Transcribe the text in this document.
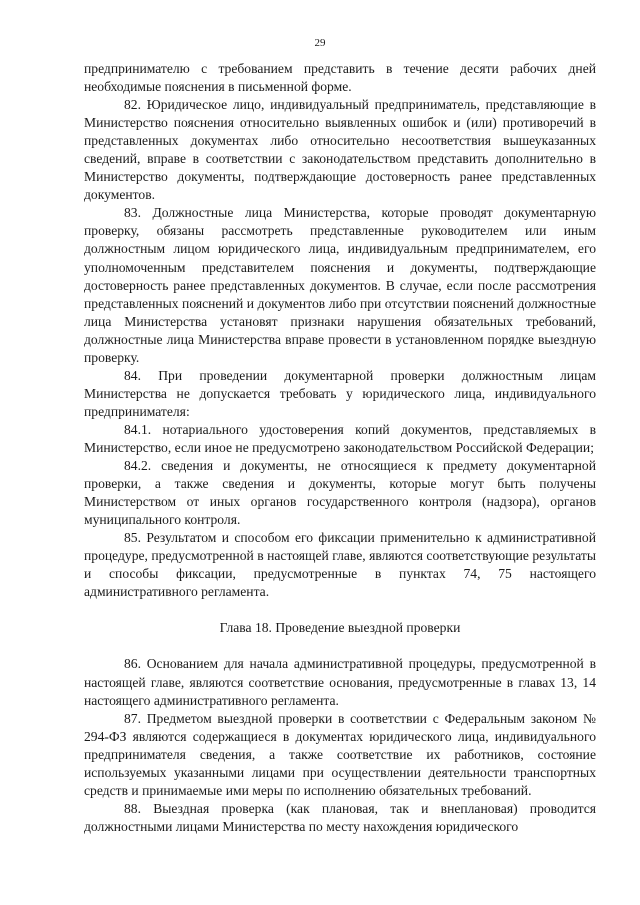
29

предпринимателю с требованием представить в течение десяти рабочих дней необходимые пояснения в письменной форме.

82. Юридическое лицо, индивидуальный предприниматель, представляющие в Министерство пояснения относительно выявленных ошибок и (или) противоречий в представленных документах либо относительно несоответствия вышеуказанных сведений, вправе в соответствии с законодательством представить дополнительно в Министерство документы, подтверждающие достоверность ранее представленных документов.

83. Должностные лица Министерства, которые проводят документарную проверку, обязаны рассмотреть представленные руководителем или иным должностным лицом юридического лица, индивидуальным предпринимателем, его уполномоченным представителем пояснения и документы, подтверждающие достоверность ранее представленных документов. В случае, если после рассмотрения представленных пояснений и документов либо при отсутствии пояснений должностные лица Министерства установят признаки нарушения обязательных требований, должностные лица Министерства вправе провести в установленном порядке выездную проверку.

84. При проведении документарной проверки должностным лицам Министерства не допускается требовать у юридического лица, индивидуального предпринимателя:

84.1. нотариального удостоверения копий документов, представляемых в Министерство, если иное не предусмотрено законодательством Российской Федерации;

84.2. сведения и документы, не относящиеся к предмету документарной проверки, а также сведения и документы, которые могут быть получены Министерством от иных органов государственного контроля (надзора), органов муниципального контроля.

85. Результатом и способом его фиксации применительно к административной процедуре, предусмотренной в настоящей главе, являются соответствующие результаты и способы фиксации, предусмотренные в пунктах 74, 75 настоящего административного регламента.

Глава 18. Проведение выездной проверки

86. Основанием для начала административной процедуры, предусмотренной в настоящей главе, являются соответствие основания, предусмотренные в главах 13, 14 настоящего административного регламента.

87. Предметом выездной проверки в соответствии с Федеральным законом № 294-ФЗ являются содержащиеся в документах юридического лица, индивидуального предпринимателя сведения, а также соответствие их работников, состояние используемых указанными лицами при осуществлении деятельности транспортных средств и принимаемые ими меры по исполнению обязательных требований.

88. Выездная проверка (как плановая, так и внеплановая) проводится должностными лицами Министерства по месту нахождения юридического
